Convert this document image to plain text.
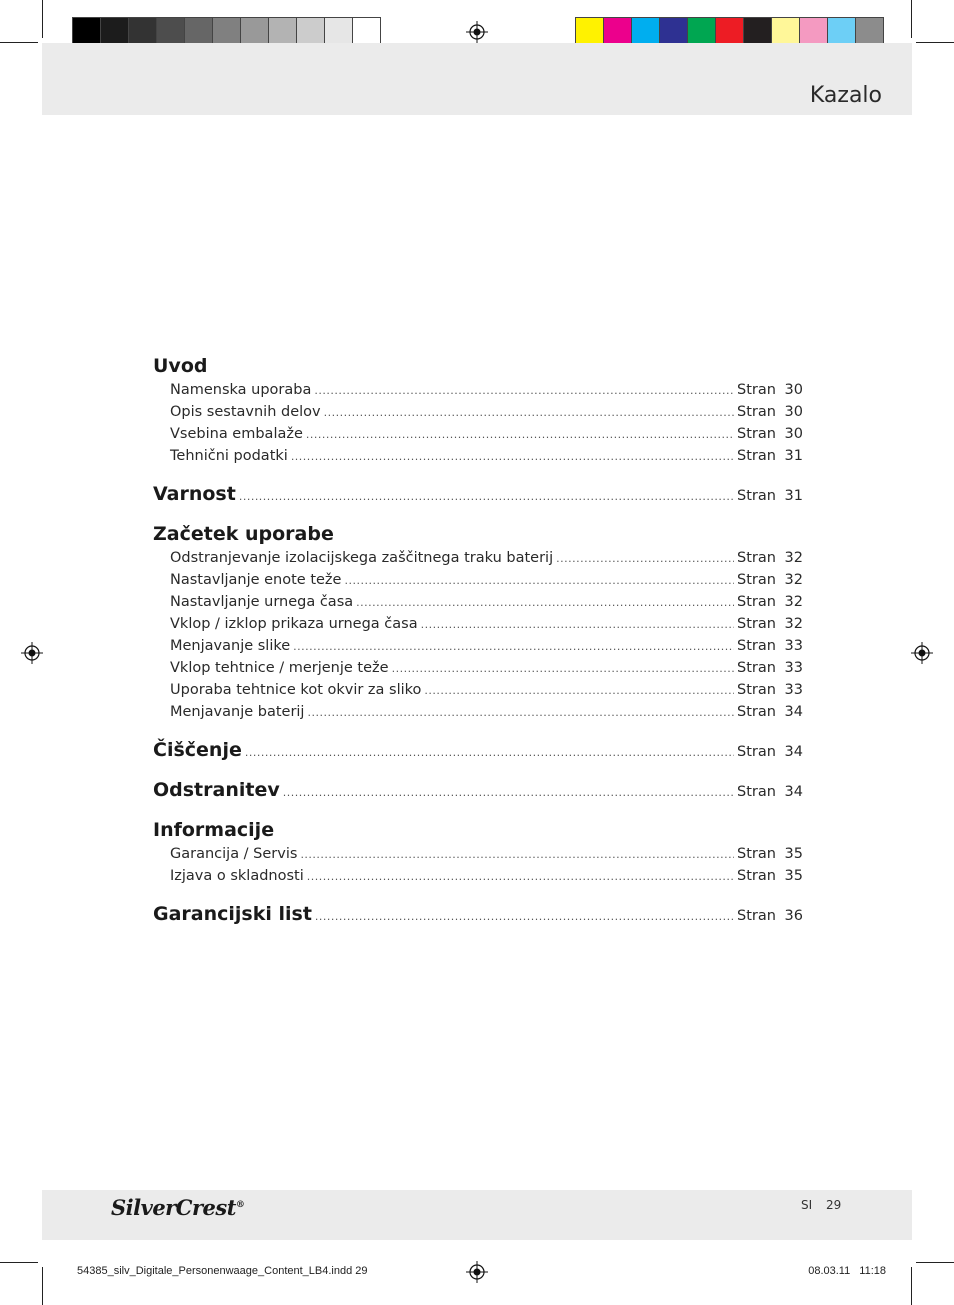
Kazalo
Uvod
Namenska uporaba .....	Stran 30
Opis sestavnih delov .....	Stran 30
Vsebina embalaže .....	Stran 30
Tehnični podatki .....	Stran 31
Varnost .....	Stran 31
Začetek uporabe
Odstranjevanje izolacijskega zaščitnega traku baterij .....	Stran 32
Nastavljanje enote teže .....	Stran 32
Nastavljanje urnega časa .....	Stran 32
Vklop / izklop prikaza urnega časa .....	Stran 32
Menjavanje slike .....	Stran 33
Vklop tehtnice / merjenje teže .....	Stran 33
Uporaba tehtnice kot okvir za sliko .....	Stran 33
Menjavanje baterij .....	Stran 34
Čiščenje .....	Stran 34
Odstranitev .....	Stran 34
Informacije
Garancija / Servis .....	Stran 35
Izjava o skladnosti .....	Stran 35
Garancijski list .....	Stran 36
SilverCrest®	SI 29
54385_silv_Digitale_Personenwaage_Content_LB4.indd 29	08.03.11 11:18
